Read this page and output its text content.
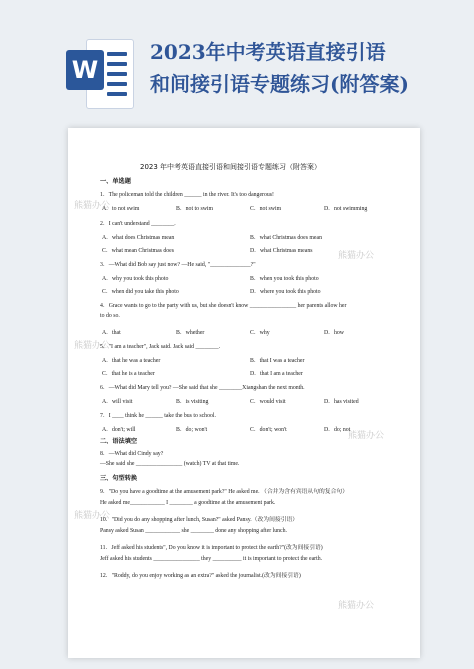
W
2023年中考英语直接引语
和间接引语专题练习(附答案)
熊猫办公
熊猫办公
熊猫办公
熊猫办公
熊猫办公
熊猫办公
2023 年中考英语直接引语和间接引语专题练习（附答案）
一、单选题
1．The policeman told the children ______ in the river. It's too dangerous!
A．to not swim	B．not to swim	C．not swim	D．not swimming
2．I can't understand ________.
A．what does Christmas mean	B．what Christmas does mean
C．what mean Christmas does	D．what Christmas means
3．—What did Bob say just now? —He said, "______________?"
A．why you took this photo	B．when you took this photo
C．when did you take this photo	D．where you took this photo
4．Grace wants to go to the party with us, but she doesn't know ________________ her parents allow her
to do so.
A．that	B．whether	C．why	D．how
5．"I am a teacher", Jack said. Jack said ________.
A．that he was a teacher	B．that I was a teacher
C．that he is a teacher	D．that I am a teacher
6．—What did Mary tell you? —She said that she ________Xiangshan the next month.
A．will visit	B．is visiting	C．would visit	D．has visited
7．I ____ think he ______ take the bus to school.
A．don't; will	B．do; won't	C．don't; won't	D．do; not
二、语法填空
8．—What did Cindy say?
—She said she ________________ (watch) TV at that time.
三、句型转换
9．"Do you have a goodtime at the amusement park?" He asked me. （合并为含有宾语从句的复合句）
He asked me____________ I ________ a goodtime at the amusement park.
10．"Did you do any shopping after lunch, Susan?" asked Pansy.（改为间接引语）
Pansy asked Susan ____________ she ________ done any shopping after lunch.
11．Jeff asked his students", Do you know it is important to protect the earth?"(改为间接引语)
Jeff asked his students ________________ they __________ it is important to protect the earth.
12．"Roddy, do you enjoy working as an extra?" asked the journalist.(改为间接引语)
